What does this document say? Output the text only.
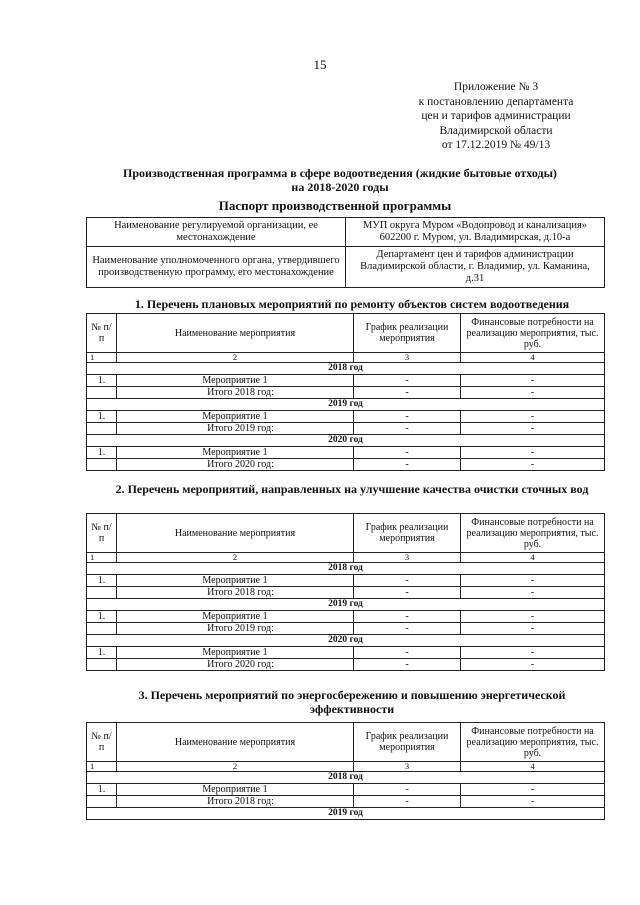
15
Приложение № 3
к постановлению департамента
цен и тарифов администрации
Владимирской области
от 17.12.2019 № 49/13
Производственная программа в сфере водоотведения (жидкие бытовые отходы)
на 2018-2020 годы
Паспорт производственной программы
Наименование регулируемой организации, ее местонахождение	МУП округа Муром «Водопровод и канализация» 602200 г. Муром, ул. Владимирская, д.10-а
Наименование уполномоченного органа, утвердившего производственную программу, его местонахождение	Департамент цен и тарифов администрации Владимирской области, г. Владимир, ул. Каманина, д.31
1. Перечень плановых мероприятий по ремонту объектов систем водоотведения
№ п/п	Наименование мероприятия	График реализации мероприятия	Финансовые потребности на реализацию мероприятия, тыс. руб.
1	2	3	4
2018 год			
1.	Мероприятие 1	-	-
	Итого 2018 год:	-	-
2019 год			
1.	Мероприятие 1	-	-
	Итого 2019 год:	-	-
2020 год			
1.	Мероприятие 1	-	-
	Итого 2020 год:	-	-
2. Перечень мероприятий, направленных на улучшение качества очистки сточных вод
№ п/п	Наименование мероприятия	График реализации мероприятия	Финансовые потребности на реализацию мероприятия, тыс. руб.
1	2	3	4
2018 год			
1.	Мероприятие 1	-	-
	Итого 2018 год:	-	-
2019 год			
1.	Мероприятие 1	-	-
	Итого 2019 год:	-	-
2020 год			
1.	Мероприятие 1	-	-
	Итого 2020 год:	-	-
3. Перечень мероприятий по энергосбережению и повышению энергетической эффективности
№ п/п	Наименование мероприятия	График реализации мероприятия	Финансовые потребности на реализацию мероприятия, тыс. руб.
1	2	3	4
2018 год			
1.	Мероприятие 1	-	-
	Итого 2018 год:	-	-
2019 год			
